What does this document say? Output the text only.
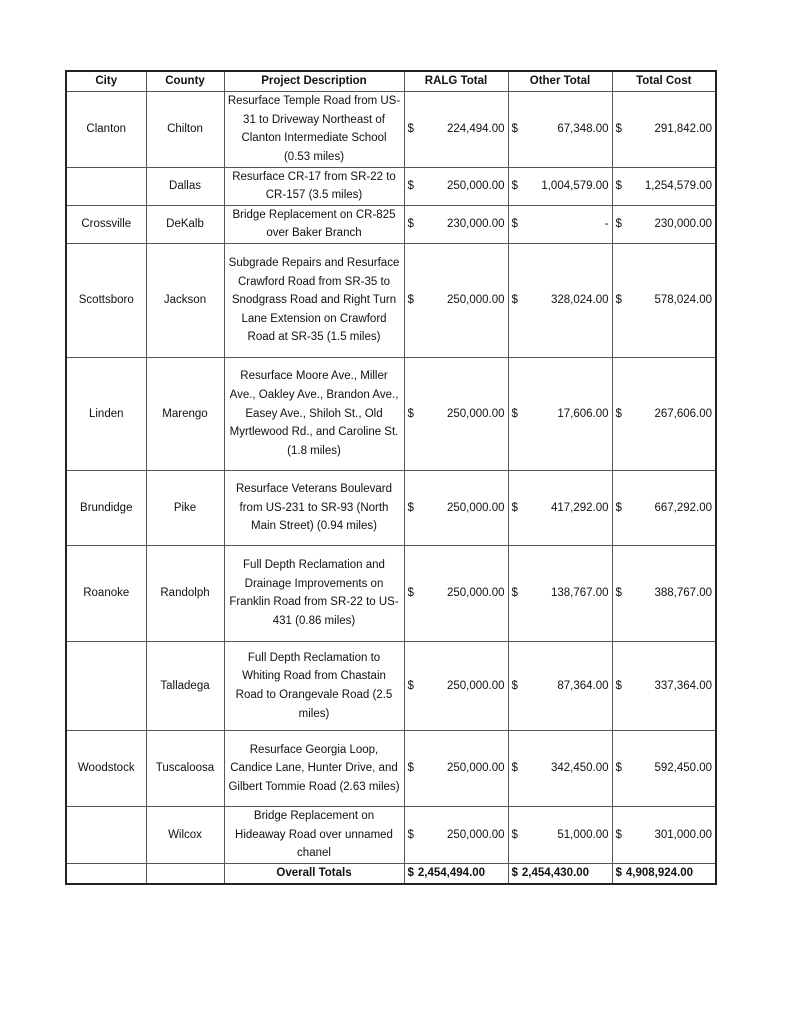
City	County	Project Description	RALG Total	Other Total	Total Cost
Clanton	Chilton	Resurface Temple Road from US-31 to Driveway Northeast of Clanton Intermediate School (0.53 miles)	$ 224,494.00	$ 67,348.00	$ 291,842.00

	Dallas	Resurface CR-17 from SR-22 to CR-157 (3.5 miles)	$ 250,000.00	$ 1,004,579.00	$ 1,254,579.00

Crossville	DeKalb	Bridge Replacement on CR-825 over Baker Branch	$ 230,000.00	$ -	$ 230,000.00

Scottsboro	Jackson	Subgrade Repairs and Resurface Crawford Road from SR-35 to Snodgrass Road and Right Turn Lane Extension on Crawford Road at SR-35 (1.5 miles)	$ 250,000.00	$ 328,024.00	$ 578,024.00

Linden	Marengo	Resurface Moore Ave., Miller Ave., Oakley Ave., Brandon Ave., Easey Ave., Shiloh St., Old Myrtlewood Rd., and Caroline St. (1.8 miles)	$ 250,000.00	$ 17,606.00	$ 267,606.00

Brundidge	Pike	Resurface Veterans Boulevard from US-231 to SR-93 (North Main Street) (0.94 miles)	$ 250,000.00	$ 417,292.00	$ 667,292.00

Roanoke	Randolph	Full Depth Reclamation and Drainage Improvements on Franklin Road from SR-22 to US-431 (0.86 miles)	$ 250,000.00	$ 138,767.00	$ 388,767.00

	Talladega	Full Depth Reclamation to Whiting Road from Chastain Road to Orangevale Road (2.5 miles)	$ 250,000.00	$ 87,364.00	$ 337,364.00

Woodstock	Tuscaloosa	Resurface Georgia Loop, Candice Lane, Hunter Drive, and Gilbert Tommie Road (2.63 miles)	$ 250,000.00	$ 342,450.00	$ 592,450.00

	Wilcox	Bridge Replacement on Hideaway Road over unnamed chanel	$ 250,000.00	$ 51,000.00	$ 301,000.00

		Overall Totals	$ 2,454,494.00	$ 2,454,430.00	$ 4,908,924.00
